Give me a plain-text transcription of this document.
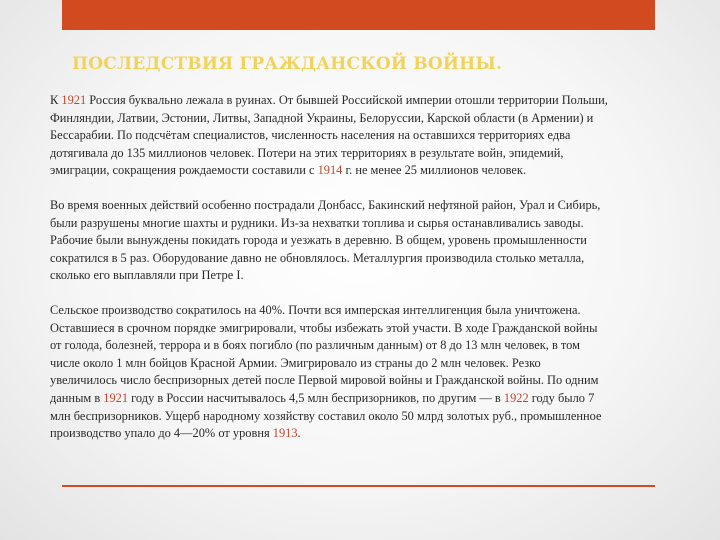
ПОСЛЕДСТВИЯ ГРАЖДАНСКОЙ ВОЙНЫ.

К 1921 Россия буквально лежала в руинах. От бывшей Российской империи отошли территории Польши, Финляндии, Латвии, Эстонии, Литвы, Западной Украины, Белоруссии, Карской области (в Армении) и Бессарабии. По подсчётам специалистов, численность населения на оставшихся территориях едва дотягивала до 135 миллионов человек. Потери на этих территориях в результате войн, эпидемий, эмиграции, сокращения рождаемости составили с 1914 г. не менее 25 миллионов человек.

Во время военных действий особенно пострадали Донбасс, Бакинский нефтяной район, Урал и Сибирь, были разрушены многие шахты и рудники. Из-за нехватки топлива и сырья останавливались заводы. Рабочие были вынуждены покидать города и уезжать в деревню. В общем, уровень промышленности сократился в 5 раз. Оборудование давно не обновлялось. Металлургия производила столько металла, сколько его выплавляли при Петре I.

Сельское производство сократилось на 40%. Почти вся имперская интеллигенция была уничтожена. Оставшиеся в срочном порядке эмигрировали, чтобы избежать этой участи. В ходе Гражданской войны от голода, болезней, террора и в боях погибло (по различным данным) от 8 до 13 млн человек, в том числе около 1 млн бойцов Красной Армии. Эмигрировало из страны до 2 млн человек. Резко увеличилось число беспризорных детей после Первой мировой войны и Гражданской войны. По одним данным в 1921 году в России насчитывалось 4,5 млн беспризорников, по другим — в 1922 году было 7 млн беспризорников. Ущерб народному хозяйству составил около 50 млрд золотых руб., промышленное производство упало до 4—20% от уровня 1913.
